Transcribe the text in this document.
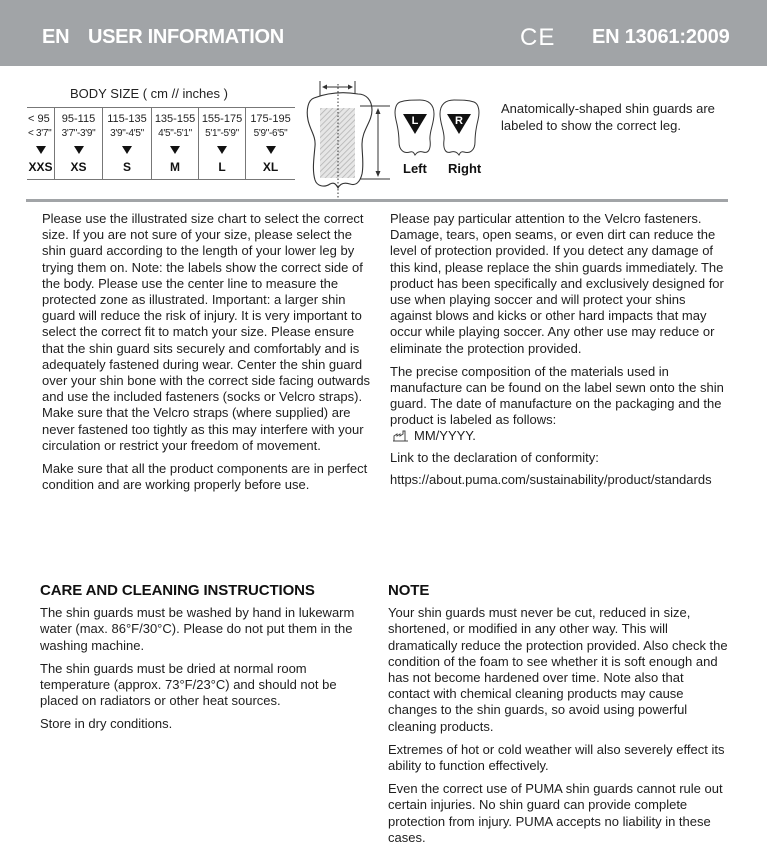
EN USER INFORMATION	CE EN 13061:2009
BODY SIZE ( cm // inches )
< 95
< 3'7"
XXS
95-115
3'7"-3'9"
XS
115-135
3'9"-4'5"
S
135-155
4'5"-5'1"
M
155-175
5'1"-5'9"
L
175-195
5'9"-6'5"
XL
L	R
Left Right
Anatomically-shaped shin guards are labeled to show the correct leg.

Please use the illustrated size chart to select the correct size. If you are not sure of your size, please select the shin guard according to the length of your lower leg by trying them on. Note: the labels show the correct side of the body. Please use the center line to measure the protected zone as illustrated. Important: a larger shin guard will reduce the risk of injury. It is very important to select the correct fit to match your size. Please ensure that the shin guard sits securely and comfortably and is adequately fastened during wear. Center the shin guard over your shin bone with the correct side facing outwards and use the included fasteners (socks or Velcro straps). Make sure that the Velcro straps (where supplied) are never fastened too tightly as this may interfere with your circulation or restrict your freedom of movement.

Make sure that all the product components are in perfect condition and are working properly before use.

Please pay particular attention to the Velcro fasteners. Damage, tears, open seams, or even dirt can reduce the level of protection provided. If you detect any damage of this kind, please replace the shin guards immediately. The product has been specifically and exclusively designed for use when playing soccer and will protect your shins against blows and kicks or other hard impacts that may occur while playing soccer. Any other use may reduce or eliminate the protection provided.

The precise composition of the materials used in manufacture can be found on the label sewn onto the shin guard. The date of manufacture on the packaging and the product is labeled as follows:

MM/YYYY.
Link to the declaration of conformity:
https://about.puma.com/sustainability/product/standards
CARE AND CLEANING INSTRUCTIONS

The shin guards must be washed by hand in lukewarm water (max. 86°F/30°C). Please do not put them in the washing machine.

The shin guards must be dried at normal room temperature (approx. 73°F/23°C) and should not be placed on radiators or other heat sources.

Store in dry conditions.

NOTE

Your shin guards must never be cut, reduced in size, shortened, or modified in any other way. This will dramatically reduce the protection provided. Also check the condition of the foam to see whether it is soft enough and has not become hardened over time. Note also that contact with chemical cleaning products may cause changes to the shin guards, so avoid using powerful cleaning products.

Extremes of hot or cold weather will also severely effect its ability to function effectively.

Even the correct use of PUMA shin guards cannot rule out certain injuries. No shin guard can provide complete protection from injury. PUMA accepts no liability in these cases.
